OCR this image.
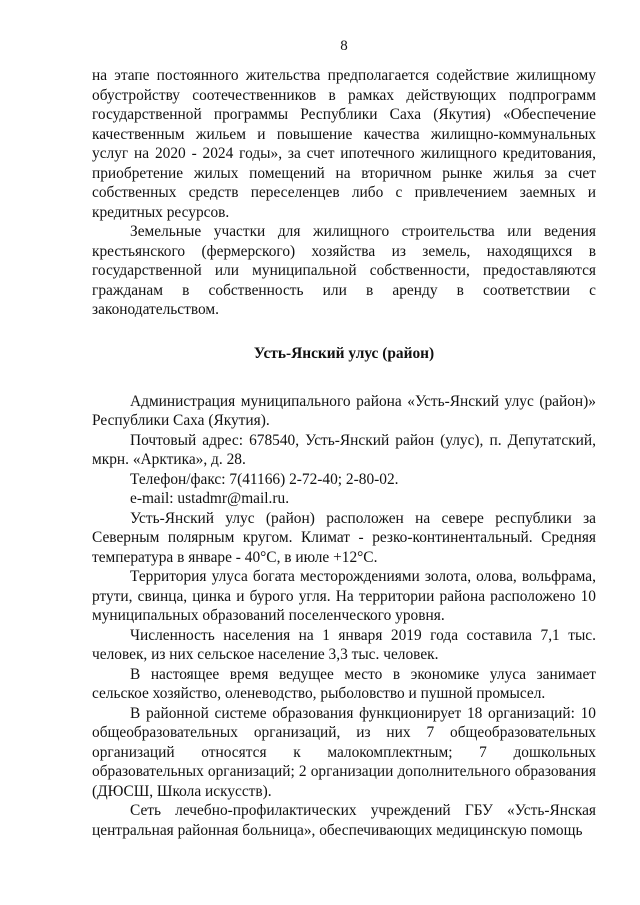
8

на этапе постоянного жительства предполагается содействие жилищному обустройству соотечественников в рамках действующих подпрограмм государственной программы Республики Саха (Якутия) «Обеспечение качественным жильем и повышение качества жилищно-коммунальных услуг на 2020 - 2024 годы», за счет ипотечного жилищного кредитования, приобретение жилых помещений на вторичном рынке жилья за счет собственных средств переселенцев либо с привлечением заемных и кредитных ресурсов.

Земельные участки для жилищного строительства или ведения крестьянского (фермерского) хозяйства из земель, находящихся в государственной или муниципальной собственности, предоставляются гражданам в собственность или в аренду в соответствии с законодательством.

Усть-Янский улус (район)

Администрация муниципального района «Усть-Янский улус (район)» Республики Саха (Якутия).

Почтовый адрес: 678540, Усть-Янский район (улус), п. Депутатский, мкрн. «Арктика», д. 28.

Телефон/факс: 7(41166) 2-72-40; 2-80-02.

e-mail: ustadmr@mail.ru.

Усть-Янский улус (район) расположен на севере республики за Северным полярным кругом. Климат - резко-континентальный. Средняя температура в январе - 40°С, в июле +12°С.

Территория улуса богата месторождениями золота, олова, вольфрама, ртути, свинца, цинка и бурого угля. На территории района расположено 10 муниципальных образований поселенческого уровня.

Численность населения на 1 января 2019 года составила 7,1 тыс. человек, из них сельское население 3,3 тыс. человек.

В настоящее время ведущее место в экономике улуса занимает сельское хозяйство, оленеводство, рыболовство и пушной промысел.

В районной системе образования функционирует 18 организаций: 10 общеобразовательных организаций, из них 7 общеобразовательных организаций относятся к малокомплектным; 7 дошкольных образовательных организаций; 2 организации дополнительного образования (ДЮСШ, Школа искусств).

Сеть лечебно-профилактических учреждений ГБУ «Усть-Янская центральная районная больница», обеспечивающих медицинскую помощь
